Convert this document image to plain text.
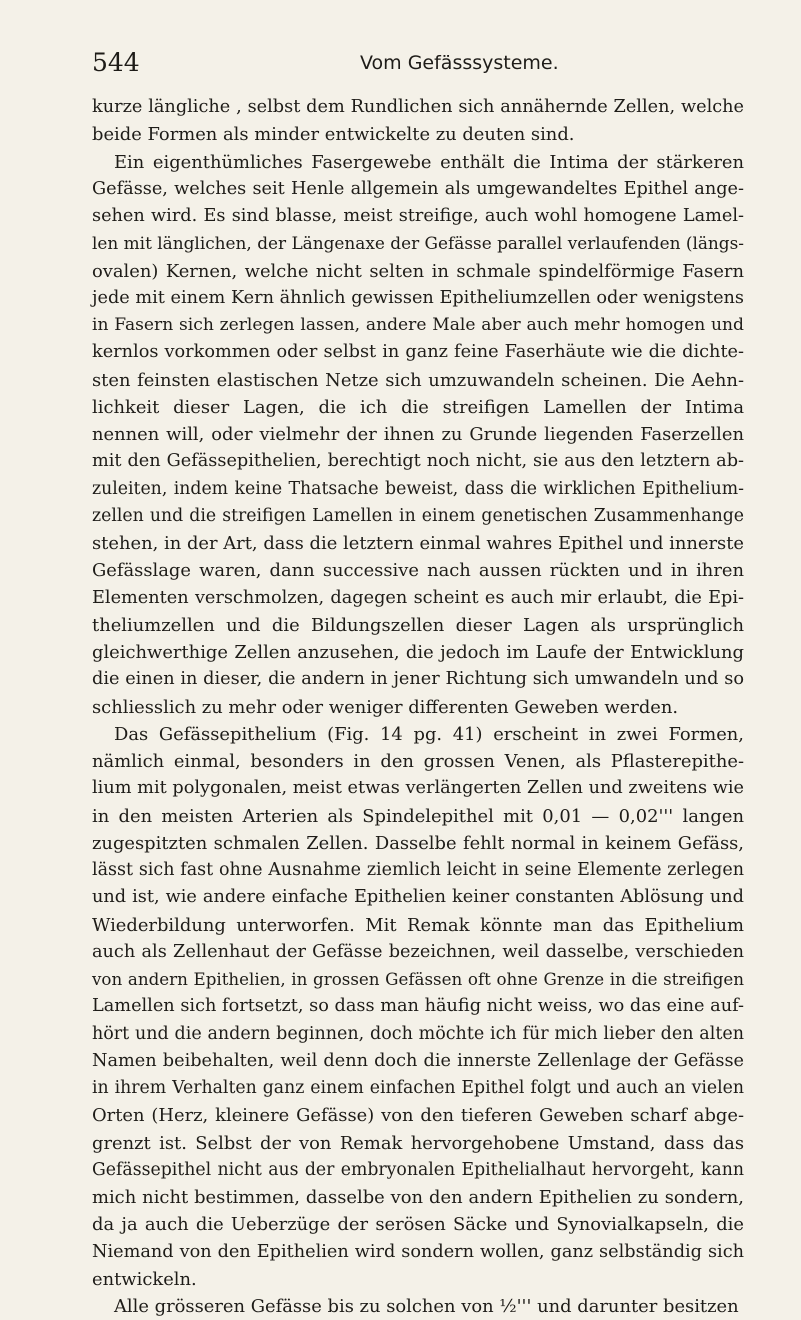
544	Vom Gefässsysteme.
kurze längliche , selbst dem Rundlichen sich annähernde Zellen, welche
beide Formen als minder entwickelte zu deuten sind.
Ein eigenthümliches Fasergewebe enthält die Intima der stärkeren
Gefässe, welches seit Henle allgemein als umgewandeltes Epithel ange-
sehen wird. Es sind blasse, meist streifige, auch wohl homogene Lamel-
len mit länglichen, der Längenaxe der Gefässe parallel verlaufenden (längs-
ovalen) Kernen, welche nicht selten in schmale spindelförmige Fasern
jede mit einem Kern ähnlich gewissen Epitheliumzellen oder wenigstens
in Fasern sich zerlegen lassen, andere Male aber auch mehr homogen und
kernlos vorkommen oder selbst in ganz feine Faserhäute wie die dichte-
sten feinsten elastischen Netze sich umzuwandeln scheinen. Die Aehn-
lichkeit dieser Lagen, die ich die streifigen Lamellen der Intima
nennen will, oder vielmehr der ihnen zu Grunde liegenden Faserzellen
mit den Gefässepithelien, berechtigt noch nicht, sie aus den letztern ab-
zuleiten, indem keine Thatsache beweist, dass die wirklichen Epithelium-
zellen und die streifigen Lamellen in einem genetischen Zusammenhange
stehen, in der Art, dass die letztern einmal wahres Epithel und innerste
Gefässlage waren, dann successive nach aussen rückten und in ihren
Elementen verschmolzen, dagegen scheint es auch mir erlaubt, die Epi-
theliumzellen und die Bildungszellen dieser Lagen als ursprünglich
gleichwerthige Zellen anzusehen, die jedoch im Laufe der Entwicklung
die einen in dieser, die andern in jener Richtung sich umwandeln und so
schliesslich zu mehr oder weniger differenten Geweben werden.
Das Gefässepithelium (Fig. 14 pg. 41) erscheint in zwei Formen,
nämlich einmal, besonders in den grossen Venen, als Pflasterepithe-
lium mit polygonalen, meist etwas verlängerten Zellen und zweitens wie
in den meisten Arterien als Spindelepithel mit 0,01 — 0,02''' langen
zugespitzten schmalen Zellen. Dasselbe fehlt normal in keinem Gefäss,
lässt sich fast ohne Ausnahme ziemlich leicht in seine Elemente zerlegen
und ist, wie andere einfache Epithelien keiner constanten Ablösung und
Wiederbildung unterworfen. Mit Remak könnte man das Epithelium
auch als Zellenhaut der Gefässe bezeichnen, weil dasselbe, verschieden
von andern Epithelien, in grossen Gefässen oft ohne Grenze in die streifigen
Lamellen sich fortsetzt, so dass man häufig nicht weiss, wo das eine auf-
hört und die andern beginnen, doch möchte ich für mich lieber den alten
Namen beibehalten, weil denn doch die innerste Zellenlage der Gefässe
in ihrem Verhalten ganz einem einfachen Epithel folgt und auch an vielen
Orten (Herz, kleinere Gefässe) von den tieferen Geweben scharf abge-
grenzt ist. Selbst der von Remak hervorgehobene Umstand, dass das
Gefässepithel nicht aus der embryonalen Epithelialhaut hervorgeht, kann
mich nicht bestimmen, dasselbe von den andern Epithelien zu sondern,
da ja auch die Ueberzüge der serösen Säcke und Synovialkapseln, die
Niemand von den Epithelien wird sondern wollen, ganz selbständig sich
entwickeln.
Alle grösseren Gefässe bis zu solchen von ½''' und darunter besitzen
